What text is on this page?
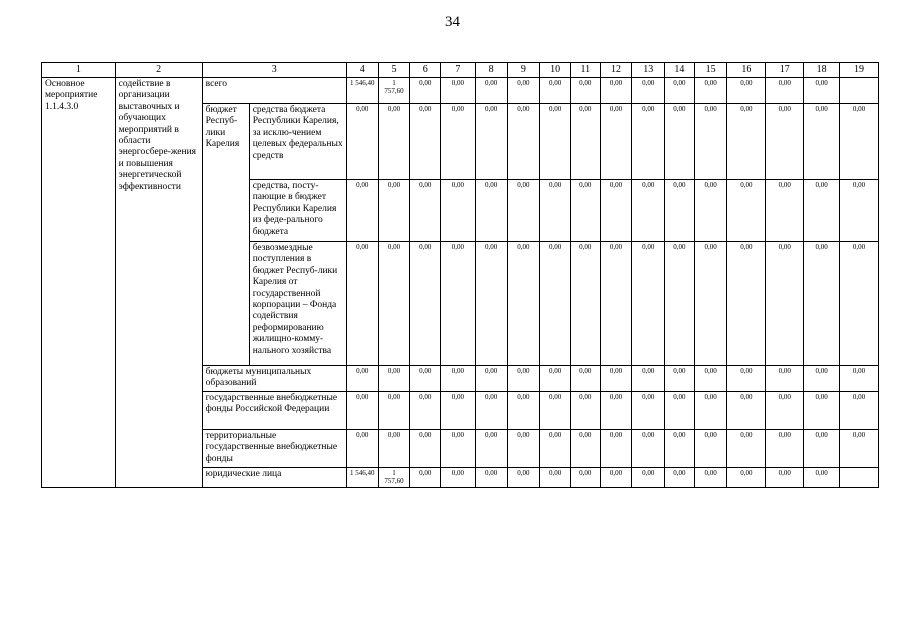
34
1	2	3		4	5	6	7	8	9	10	11	12	13	14	15	16	17	18	19
Основное мероприятие 1.1.4.3.0	содействие в организации выставочных и обучающих мероприятий в области энергосбере-жения и повышения энергетической эффективности	всего		1 546,40	1 757,60	0,00	0,00	0,00	0,00	0,00	0,00	0,00	0,00	0,00	0,00	0,00	0,00	0,00	
		бюджет Респуб-лики Карелия	средства бюджета Республики Карелия, за исклю-чением целевых федеральных средств	0,00	0,00	0,00	0,00	0,00	0,00	0,00	0,00	0,00	0,00	0,00	0,00	0,00	0,00	0,00	0,00
			средства, посту-пающие в бюджет Республики Карелия из феде-рального бюджета	0,00	0,00	0,00	0,00	0,00	0,00	0,00	0,00	0,00	0,00	0,00	0,00	0,00	0,00	0,00	0,00
			безвозмездные поступления в бюджет Респуб-лики Карелия от государственной корпорации – Фонда содействия реформированию жилищно-комму-нального хозяйства	0,00	0,00	0,00	0,00	0,00	0,00	0,00	0,00	0,00	0,00	0,00	0,00	0,00	0,00	0,00	0,00
		бюджеты муниципальных образований		0,00	0,00	0,00	0,00	0,00	0,00	0,00	0,00	0,00	0,00	0,00	0,00	0,00	0,00	0,00	0,00
		государственные внебюджетные фонды Российской Федерации		0,00	0,00	0,00	0,00	0,00	0,00	0,00	0,00	0,00	0,00	0,00	0,00	0,00	0,00	0,00	0,00
		территориальные государственные внебюджетные фонды		0,00	0,00	0,00	0,00	0,00	0,00	0,00	0,00	0,00	0,00	0,00	0,00	0,00	0,00	0,00	0,00
		юридические лица		1 546,40	1 757,60	0,00	0,00	0,00	0,00	0,00	0,00	0,00	0,00	0,00	0,00	0,00	0,00	0,00	
